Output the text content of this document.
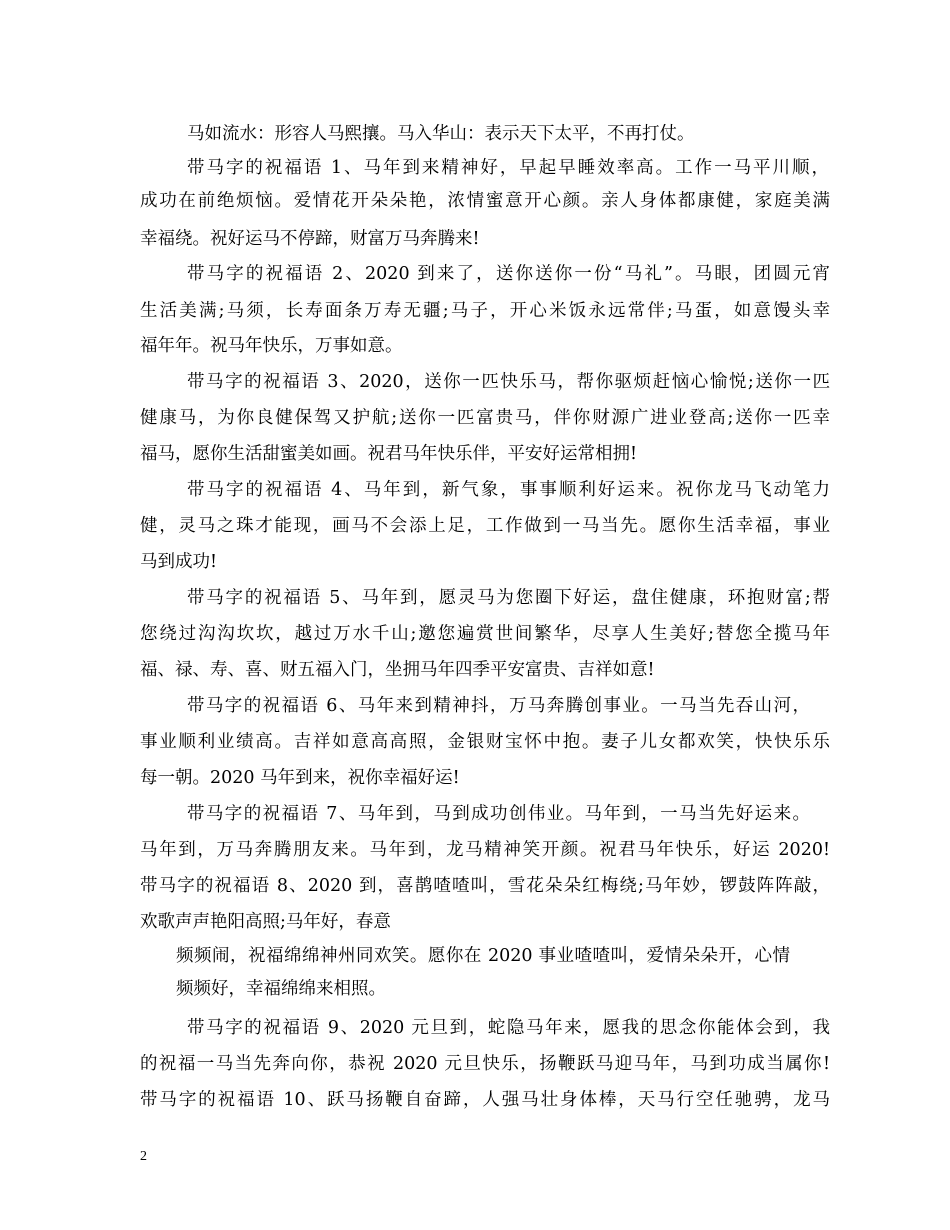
马如流水：形容人马熙攘。马入华山：表示天下太平，不再打仗。
带马字的祝福语 1、马年到来精神好，早起早睡效率高。工作一马平川顺，
成功在前绝烦恼。爱情花开朵朵艳，浓情蜜意开心颜。亲人身体都康健，家庭美满
幸福绕。祝好运马不停蹄，财富万马奔腾来!
带马字的祝福语 2、2020 到来了，送你送你一份“马礼”。马眼，团圆元宵
生活美满;马须，长寿面条万寿无疆;马子，开心米饭永远常伴;马蛋，如意馒头幸
福年年。祝马年快乐，万事如意。
带马字的祝福语 3、2020，送你一匹快乐马，帮你驱烦赶恼心愉悦;送你一匹
健康马，为你良健保驾又护航;送你一匹富贵马，伴你财源广进业登高;送你一匹幸
福马，愿你生活甜蜜美如画。祝君马年快乐伴，平安好运常相拥!
带马字的祝福语 4、马年到，新气象，事事顺利好运来。祝你龙马飞动笔力
健，灵马之珠才能现，画马不会添上足，工作做到一马当先。愿你生活幸福，事业
马到成功!
带马字的祝福语 5、马年到，愿灵马为您圈下好运，盘住健康，环抱财富;帮
您绕过沟沟坎坎，越过万水千山;邀您遍赏世间繁华，尽享人生美好;替您全揽马年
福、禄、寿、喜、财五福入门，坐拥马年四季平安富贵、吉祥如意!
带马字的祝福语 6、马年来到精神抖，万马奔腾创事业。一马当先吞山河，
事业顺利业绩高。吉祥如意高高照，金银财宝怀中抱。妻子儿女都欢笑，快快乐乐
每一朝。2020 马年到来，祝你幸福好运!
带马字的祝福语 7、马年到，马到成功创伟业。马年到，一马当先好运来。
马年到，万马奔腾朋友来。马年到，龙马精神笑开颜。祝君马年快乐，好运 2020!
带马字的祝福语 8、2020 到，喜鹊喳喳叫，雪花朵朵红梅绕;马年妙，锣鼓阵阵敲，
欢歌声声艳阳高照;马年好，春意
频频闹，祝福绵绵神州同欢笑。愿你在 2020 事业喳喳叫，爱情朵朵开，心情
频频好，幸福绵绵来相照。
带马字的祝福语 9、2020 元旦到，蛇隐马年来，愿我的思念你能体会到，我
的祝福一马当先奔向你，恭祝 2020 元旦快乐，扬鞭跃马迎马年，马到功成当属你!
带马字的祝福语 10、跃马扬鞭自奋蹄，人强马壮身体棒，天马行空任驰骋，龙马
2
